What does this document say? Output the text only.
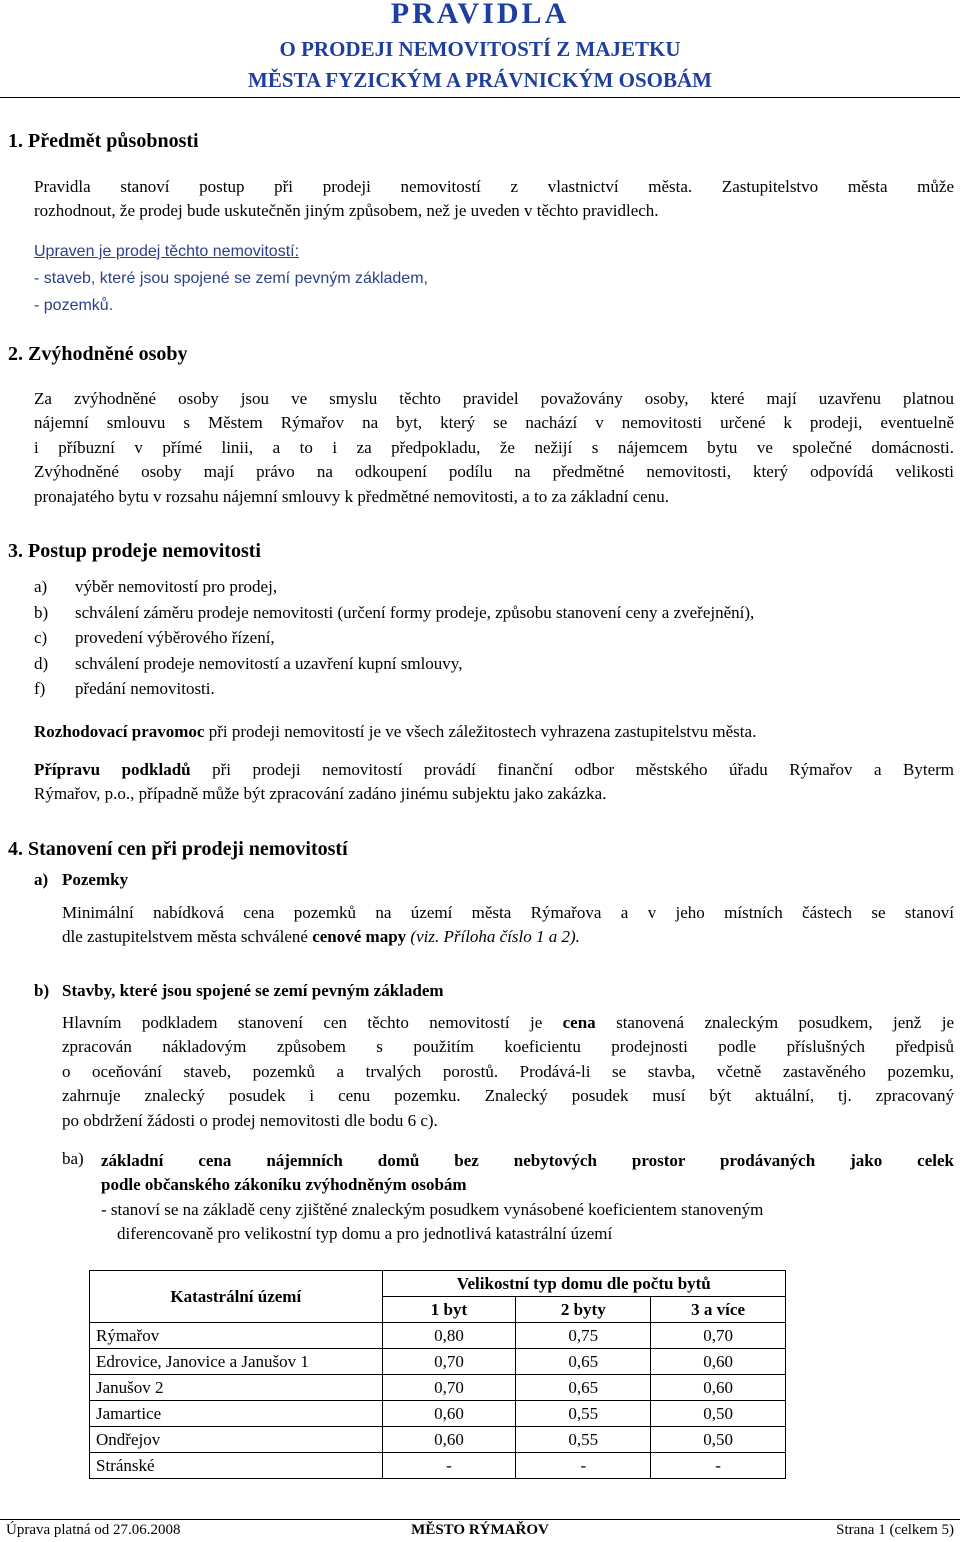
PRAVIDLA
O PRODEJI NEMOVITOSTÍ Z MAJETKU
MĚSTA FYZICKÝM A PRÁVNICKÝM OSOBÁM
1. Předmět působnosti
Pravidla stanoví postup při prodeji nemovitostí z vlastnictví města. Zastupitelstvo města může
rozhodnout, že prodej bude uskutečněn jiným způsobem, než je uveden v těchto pravidlech.
Upraven je prodej těchto nemovitostí:
- staveb, které jsou spojené se zemí pevným základem,
- pozemků.
2. Zvýhodněné osoby
Za zvýhodněné osoby jsou ve smyslu těchto pravidel považovány osoby, které mají uzavřenu platnou
nájemní smlouvu s Městem Rýmařov na byt, který se nachází v nemovitosti určené k prodeji, eventuelně
i příbuzní v přímé linii, a to i za předpokladu, že nežijí s nájemcem bytu ve společné domácnosti.
Zvýhodněné osoby mají právo na odkoupení podílu na předmětné nemovitosti, který odpovídá velikosti
pronajatého bytu v rozsahu nájemní smlouvy k předmětné nemovitosti, a to za základní cenu.
3. Postup prodeje nemovitosti
a) výběr nemovitostí pro prodej,
b) schválení záměru prodeje nemovitosti (určení formy prodeje, způsobu stanovení ceny a zveřejnění),
c) provedení výběrového řízení,
d) schválení prodeje nemovitostí a uzavření kupní smlouvy,
f) předání nemovitosti.
Rozhodovací pravomoc při prodeji nemovitostí je ve všech záležitostech vyhrazena zastupitelstvu města.
Přípravu podkladů při prodeji nemovitostí provádí finanční odbor městského úřadu Rýmařov a Byterm
Rýmařov, p.o., případně může být zpracování zadáno jinému subjektu jako zakázka.
4. Stanovení cen při prodeji nemovitostí
a) Pozemky
Minimální nabídková cena pozemků na území města Rýmařova a v jeho místních částech se stanoví
dle zastupitelstvem města schválené cenové mapy (viz. Příloha číslo 1 a 2).
b) Stavby, které jsou spojené se zemí pevným základem
Hlavním podkladem stanovení cen těchto nemovitostí je cena stanovená znaleckým posudkem, jenž je
zpracován nákladovým způsobem s použitím koeficientu prodejnosti podle příslušných předpisů
o oceňování staveb, pozemků a trvalých porostů. Prodává-li se stavba, včetně zastavěného pozemku,
zahrnuje znalecký posudek i cenu pozemku. Znalecký posudek musí být aktuální, tj. zpracovaný
po obdržení žádosti o prodej nemovitosti dle bodu 6 c).
ba) základní cena nájemních domů bez nebytových prostor prodávaných jako celek
podle občanského zákoníku zvýhodněným osobám
- stanoví se na základě ceny zjištěné znaleckým posudkem vynásobené koeficientem stanoveným
diferencovaně pro velikostní typ domu a pro jednotlivá katastrální území
Katastrální území	Velikostní typ domu dle počtu bytů		
	1 byt	2 byty	3 a více
Rýmařov	0,80	0,75	0,70
Edrovice, Janovice a Janušov 1	0,70	0,65	0,60
Janušov 2	0,70	0,65	0,60
Jamartice	0,60	0,55	0,50
Ondřejov	0,60	0,55	0,50
Stránské	-	-	-
Úprava platná od 27.06.2008	MĚSTO RÝMAŘOV	Strana 1 (celkem 5)
